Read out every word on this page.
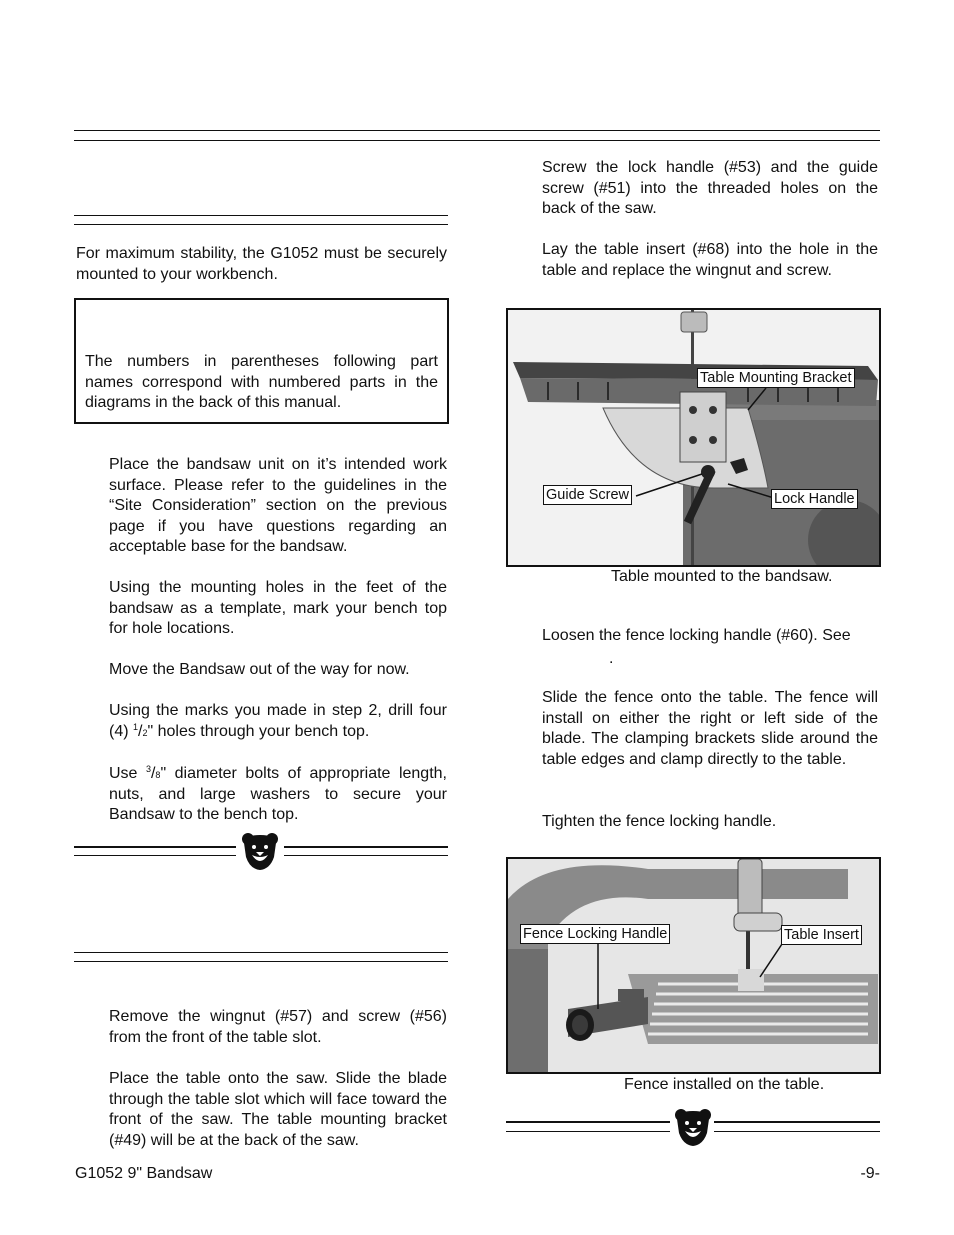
For maximum stability, the G1052 must be securely mounted to your workbench.

The numbers in parentheses following part names correspond with numbered parts in the diagrams in the back of this manual.

Place the bandsaw unit on it’s intended work surface. Please refer to the guidelines in the “Site Consideration” section on the previous page if you have questions regarding an acceptable base for the bandsaw.

Using the mounting holes in the feet of the bandsaw as a template, mark your bench top for hole locations.

Move the Bandsaw out of the way for now.

Using the marks you made in step 2, drill four (4) $^1$/2" holes through your bench top.

Use $^3$/8" diameter bolts of appropriate length, nuts, and large washers to secure your Bandsaw to the bench top.

Remove the wingnut (#57) and screw (#56) from the front of the table slot.

Place the table onto the saw. Slide the blade through the table slot which will face toward the front of the saw. The table mounting bracket (#49) will be at the back of the saw.

Screw the lock handle (#53) and the guide screw (#51) into the threaded holes on the back of the saw.

Lay the table insert (#68) into the hole in the table and replace the wingnut and screw.

Table Mounting Bracket
Guide Screw	Lock Handle
Table mounted to the bandsaw.

Loosen the fence locking handle (#60). See

.

Slide the fence onto the table. The fence will install on either the right or left side of the blade. The clamping brackets slide around the table edges and clamp directly to the table.

Tighten the fence locking handle.

Fence Locking Handle	Table Insert
Fence installed on the table.
G1052 9" Bandsaw	-9-
